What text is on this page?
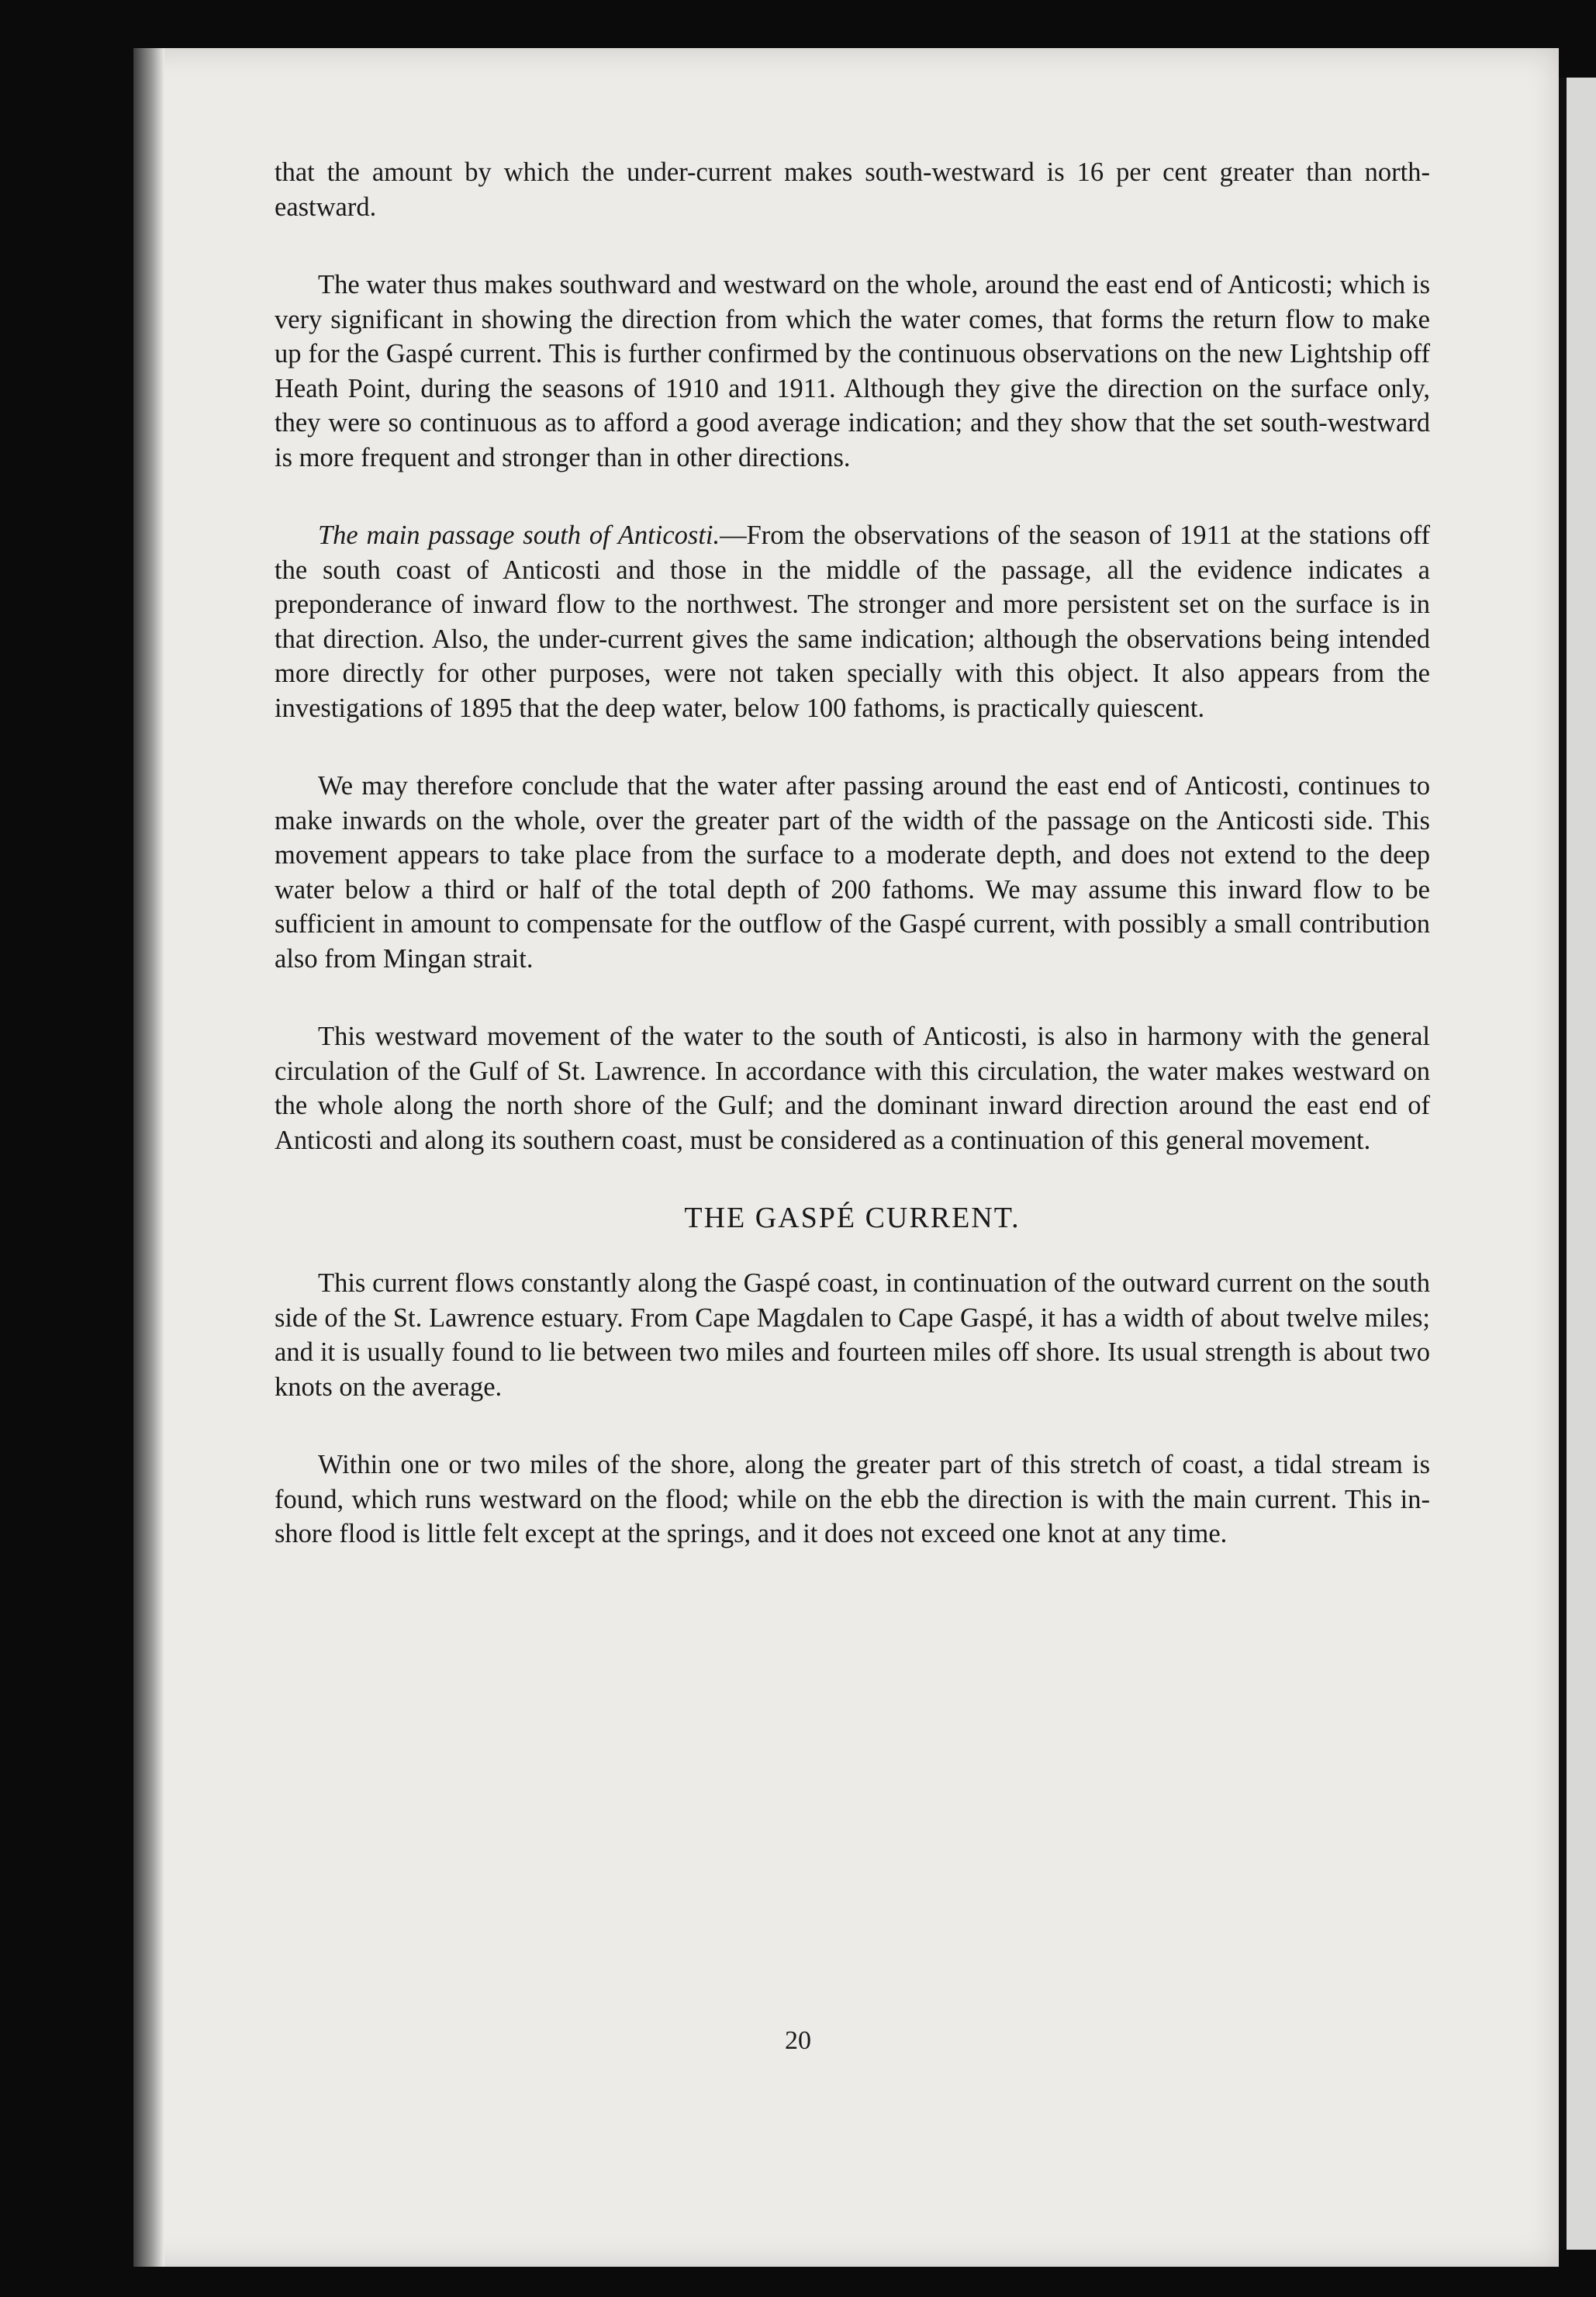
that the amount by which the under-current makes south-westward is 16 per cent greater than north-eastward.

The water thus makes southward and westward on the whole, around the east end of Anticosti; which is very significant in showing the direction from which the water comes, that forms the return flow to make up for the Gaspé current. This is further confirmed by the continuous observations on the new Lightship off Heath Point, during the seasons of 1910 and 1911. Although they give the direction on the surface only, they were so continuous as to afford a good average indication; and they show that the set south-westward is more frequent and stronger than in other directions.

The main passage south of Anticosti.—From the observations of the season of 1911 at the stations off the south coast of Anticosti and those in the middle of the passage, all the evidence indicates a preponderance of inward flow to the northwest. The stronger and more persistent set on the surface is in that direction. Also, the under-current gives the same indication; although the observations being intended more directly for other purposes, were not taken specially with this object. It also appears from the investigations of 1895 that the deep water, below 100 fathoms, is practically quiescent.

We may therefore conclude that the water after passing around the east end of Anticosti, continues to make inwards on the whole, over the greater part of the width of the passage on the Anticosti side. This movement appears to take place from the surface to a moderate depth, and does not extend to the deep water below a third or half of the total depth of 200 fathoms. We may assume this inward flow to be sufficient in amount to compensate for the outflow of the Gaspé current, with possibly a small contribution also from Mingan strait.

This westward movement of the water to the south of Anticosti, is also in harmony with the general circulation of the Gulf of St. Lawrence. In accordance with this circulation, the water makes westward on the whole along the north shore of the Gulf; and the dominant inward direction around the east end of Anticosti and along its southern coast, must be considered as a continuation of this general movement.

THE GASPÉ CURRENT.

This current flows constantly along the Gaspé coast, in continuation of the outward current on the south side of the St. Lawrence estuary. From Cape Magdalen to Cape Gaspé, it has a width of about twelve miles; and it is usually found to lie between two miles and fourteen miles off shore. Its usual strength is about two knots on the average.

Within one or two miles of the shore, along the greater part of this stretch of coast, a tidal stream is found, which runs westward on the flood; while on the ebb the direction is with the main current. This in-shore flood is little felt except at the springs, and it does not exceed one knot at any time.

20
